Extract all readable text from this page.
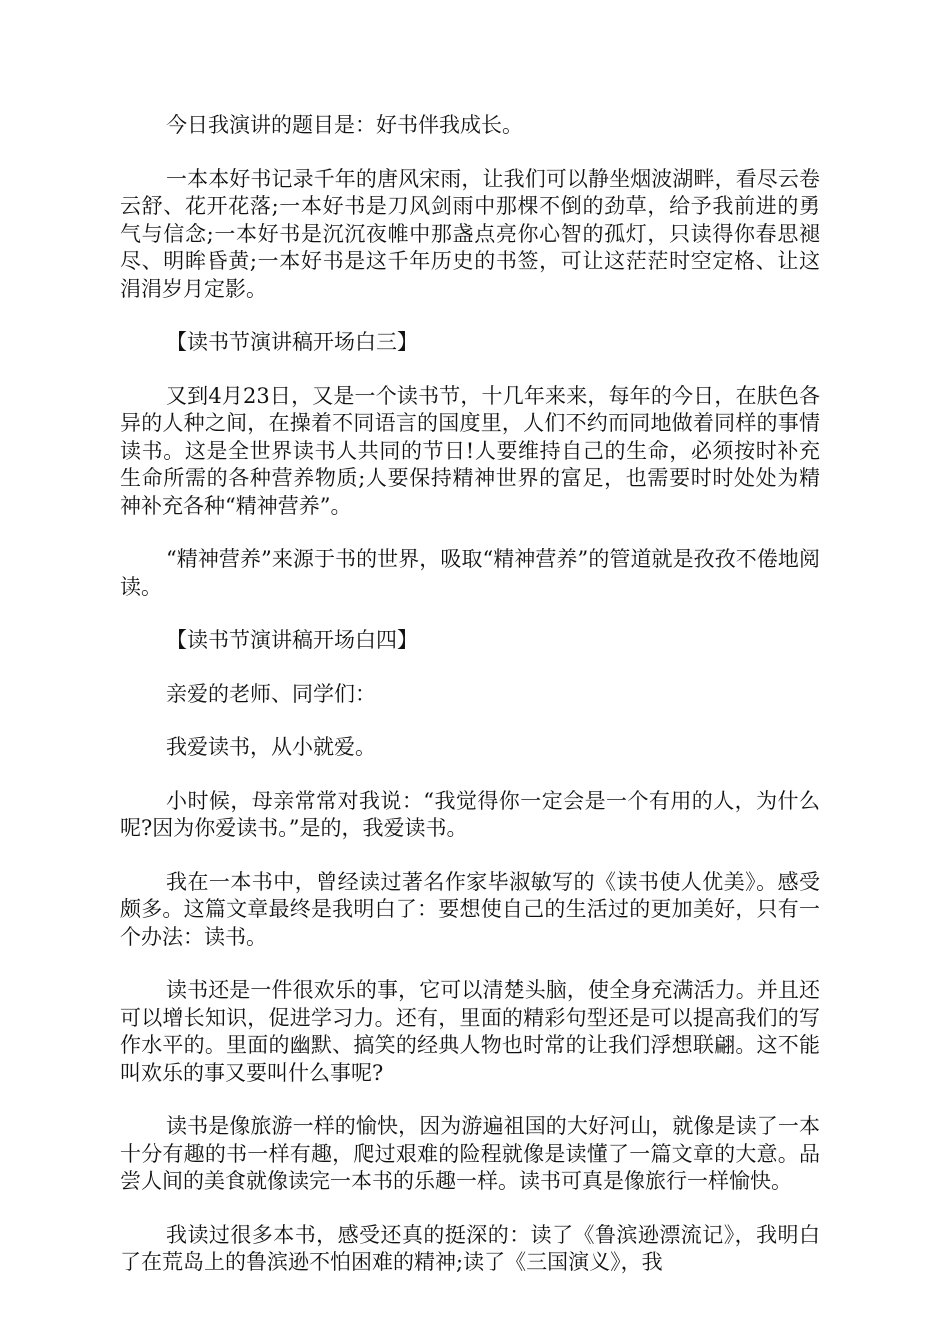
今日我演讲的题目是：好书伴我成长。

一本本好书记录千年的唐风宋雨，让我们可以静坐烟波湖畔，看尽云卷云舒、花开花落;一本好书是刀风剑雨中那棵不倒的劲草，给予我前进的勇气与信念;一本好书是沉沉夜帷中那盏点亮你心智的孤灯，只读得你春思褪尽、明眸昏黄;一本好书是这千年历史的书签，可让这茫茫时空定格、让这涓涓岁月定影。

【读书节演讲稿开场白三】

又到4月23日，又是一个读书节，十几年来来，每年的今日，在肤色各异的人种之间，在操着不同语言的国度里，人们不约而同地做着同样的事情 读书。这是全世界读书人共同的节日!人要维持自己的生命，必须按时补充生命所需的各种营养物质;人要保持精神世界的富足，也需要时时处处为精神补充各种“精神营养”。

“精神营养”来源于书的世界，吸取“精神营养”的管道就是孜孜不倦地阅读。

【读书节演讲稿开场白四】

亲爱的老师、同学们：

我爱读书，从小就爱。

小时候，母亲常常对我说：“我觉得你一定会是一个有用的人，为什么呢?因为你爱读书。”是的，我爱读书。

我在一本书中，曾经读过著名作家毕淑敏写的《读书使人优美》。感受颇多。这篇文章最终是我明白了：要想使自己的生活过的更加美好，只有一个办法：读书。

读书还是一件很欢乐的事，它可以清楚头脑，使全身充满活力。并且还可以增长知识，促进学习力。还有，里面的精彩句型还是可以提高我们的写作水平的。里面的幽默、搞笑的经典人物也时常的让我们浮想联翩。这不能叫欢乐的事又要叫什么事呢?

读书是像旅游一样的愉快，因为游遍祖国的大好河山，就像是读了一本十分有趣的书一样有趣，爬过艰难的险程就像是读懂了一篇文章的大意。品尝人间的美食就像读完一本书的乐趣一样。读书可真是像旅行一样愉快。

我读过很多本书，感受还真的挺深的：读了《鲁滨逊漂流记》，我明白了在荒岛上的鲁滨逊不怕困难的精神;读了《三国演义》，我
